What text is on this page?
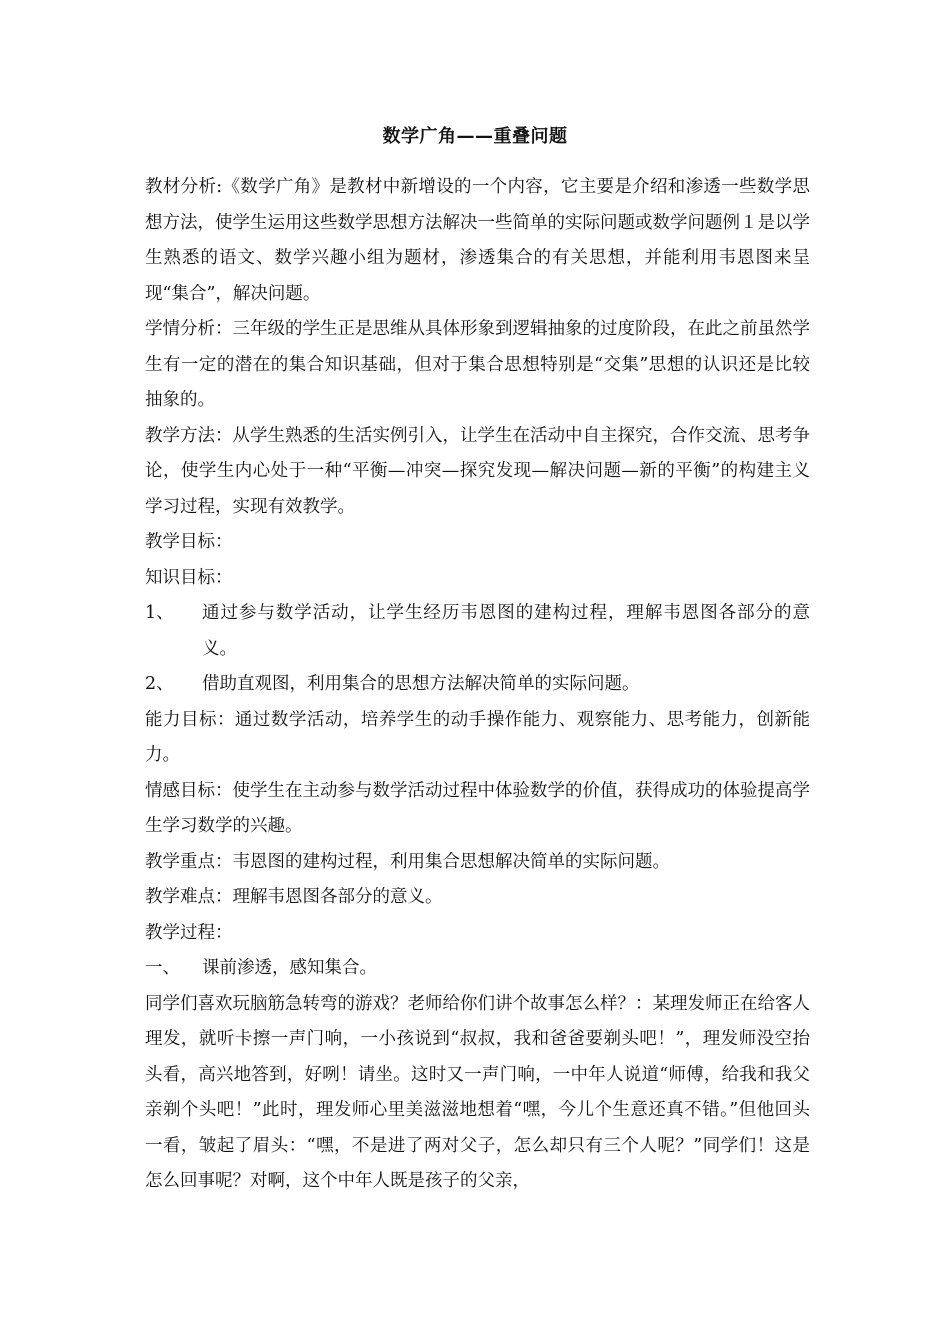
数学广角——重叠问题

教材分析:《数学广角》是教材中新增设的一个内容，它主要是介绍和渗透一些数学思想方法，使学生运用这些数学思想方法解决一些简单的实际问题或数学问题例１是以学生熟悉的语文、数学兴趣小组为题材，渗透集合的有关思想，并能利用韦恩图来呈现“集合”，解决问题。

学情分析：三年级的学生正是思维从具体形象到逻辑抽象的过度阶段，在此之前虽然学生有一定的潜在的集合知识基础，但对于集合思想特别是“交集”思想的认识还是比较抽象的。

教学方法：从学生熟悉的生活实例引入，让学生在活动中自主探究，合作交流、思考争论，使学生内心处于一种“平衡—冲突—探究发现—解决问题—新的平衡”的构建主义学习过程，实现有效教学。

教学目标：

知识目标：

1、	通过参与数学活动，让学生经历韦恩图的建构过程，理解韦恩图各部分的意义。
2、	借助直观图，利用集合的思想方法解决简单的实际问题。

能力目标：通过数学活动，培养学生的动手操作能力、观察能力、思考能力，创新能力。

情感目标：使学生在主动参与数学活动过程中体验数学的价值，获得成功的体验提高学生学习数学的兴趣。

教学重点：韦恩图的建构过程，利用集合思想解决简单的实际问题。

教学难点：理解韦恩图各部分的意义。

教学过程：

一、	课前渗透，感知集合。

同学们喜欢玩脑筋急转弯的游戏？老师给你们讲个故事怎么样？：某理发师正在给客人理发，就听卡擦一声门响，一小孩说到“叔叔，我和爸爸要剃头吧！”，理发师没空抬头看，高兴地答到，好咧！请坐。这时又一声门响，一中年人说道“师傅，给我和我父亲剃个头吧！”此时，理发师心里美滋滋地想着“嘿，今儿个生意还真不错。”但他回头一看，皱起了眉头：“嘿，不是进了两对父子，怎么却只有三个人呢？”同学们！这是怎么回事呢？对啊，这个中年人既是孩子的父亲，
